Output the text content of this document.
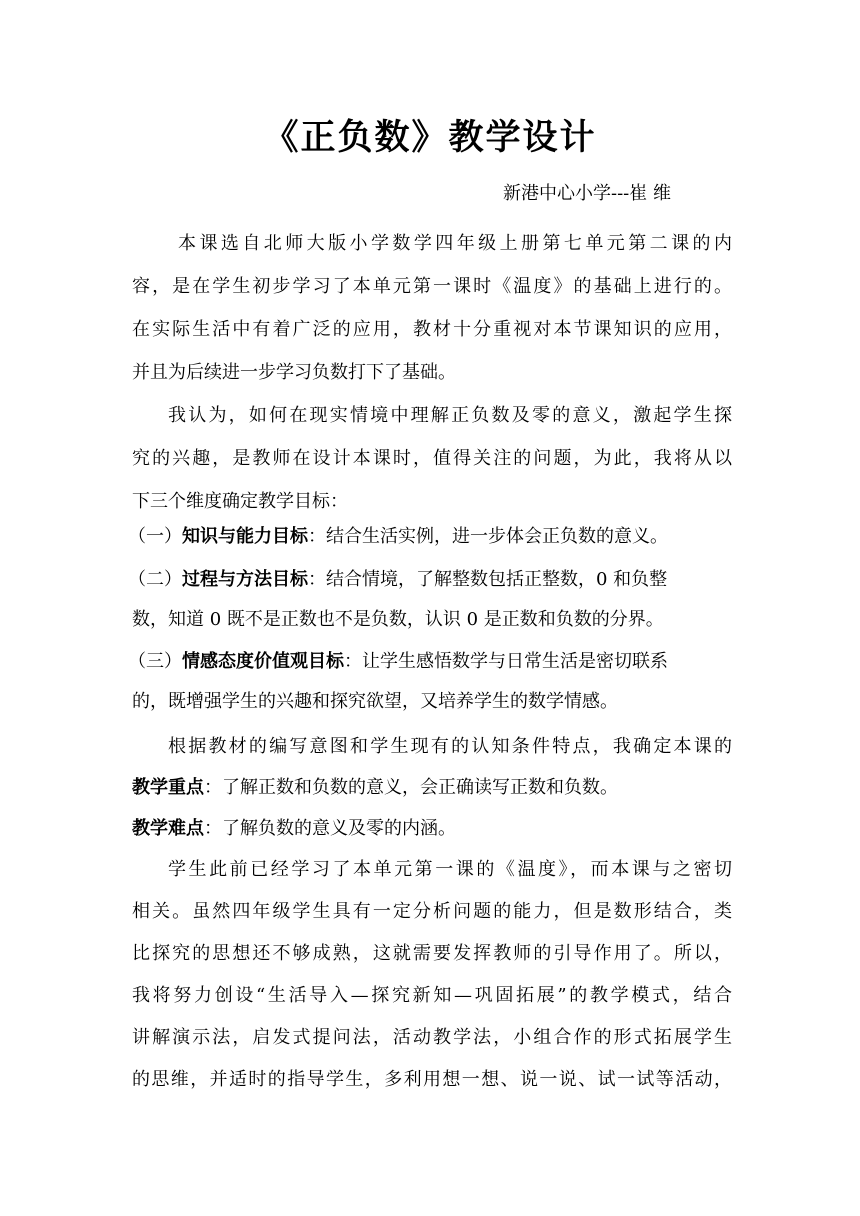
《正负数》教学设计
新港中心小学---崔 维
本课选自北师大版小学数学四年级上册第七单元第二课的内
容，是在学生初步学习了本单元第一课时《温度》的基础上进行的。
在实际生活中有着广泛的应用，教材十分重视对本节课知识的应用，
并且为后续进一步学习负数打下了基础。
我认为，如何在现实情境中理解正负数及零的意义，激起学生探
究的兴趣，是教师在设计本课时，值得关注的问题，为此，我将从以
下三个维度确定教学目标：
（一）知识与能力目标：结合生活实例，进一步体会正负数的意义。
（二）过程与方法目标：结合情境，了解整数包括正整数，0 和负整
数，知道 0 既不是正数也不是负数，认识 0 是正数和负数的分界。
（三）情感态度价值观目标：让学生感悟数学与日常生活是密切联系
的，既增强学生的兴趣和探究欲望，又培养学生的数学情感。
根据教材的编写意图和学生现有的认知条件特点，我确定本课的
教学重点：了解正数和负数的意义，会正确读写正数和负数。
教学难点：了解负数的意义及零的内涵。
学生此前已经学习了本单元第一课的《温度》，而本课与之密切
相关。虽然四年级学生具有一定分析问题的能力，但是数形结合，类
比探究的思想还不够成熟，这就需要发挥教师的引导作用了。所以，
我将努力创设“生活导入—探究新知—巩固拓展”的教学模式，结合
讲解演示法，启发式提问法，活动教学法，小组合作的形式拓展学生
的思维，并适时的指导学生，多利用想一想、说一说、试一试等活动，
